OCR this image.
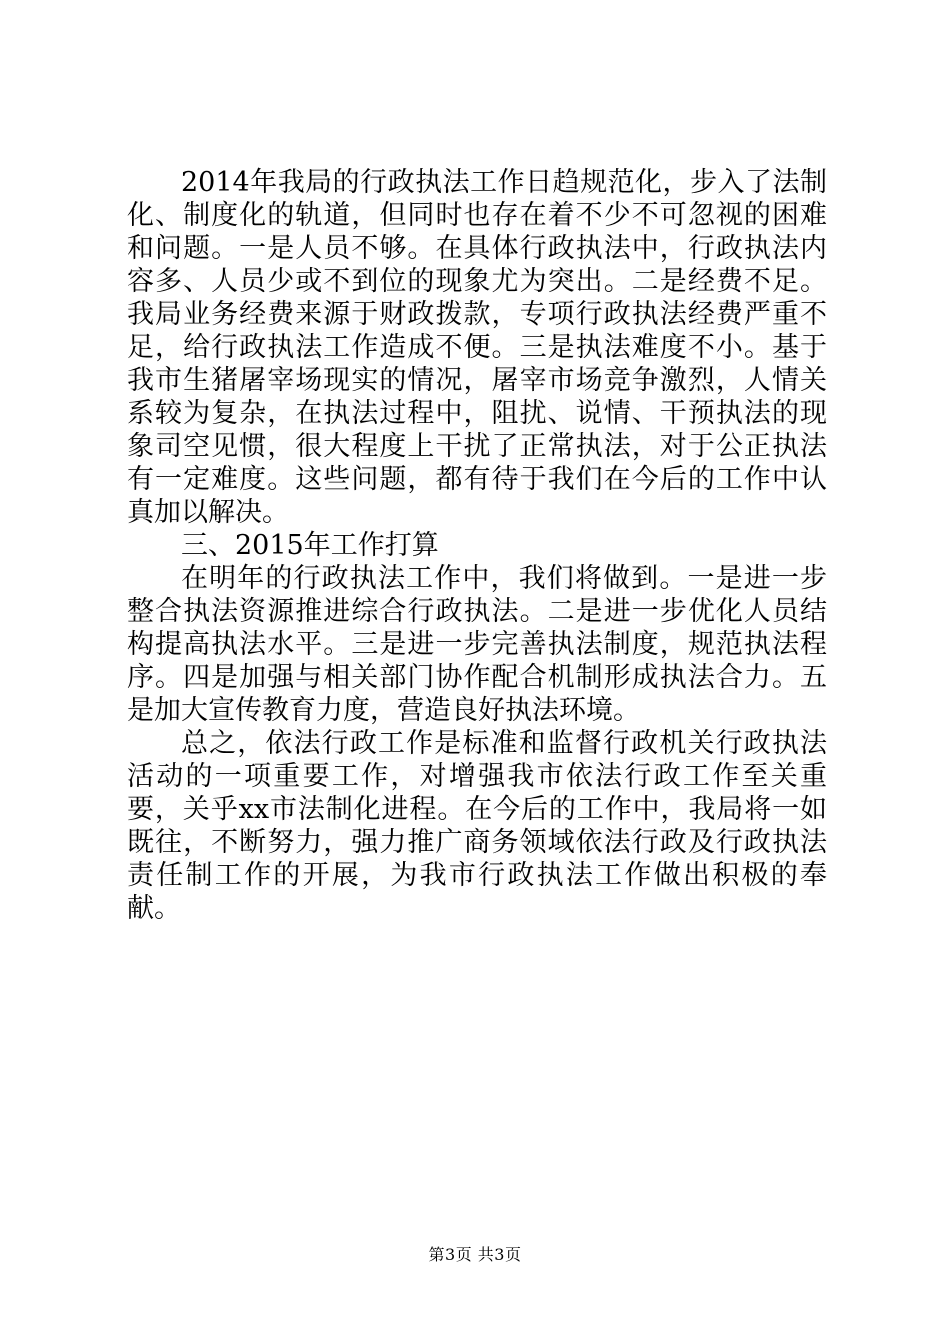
2014年我局的行政执法工作日趋规范化，步入了法制化、制度化的轨道，但同时也存在着不少不可忽视的困难和问题。一是人员不够。在具体行政执法中，行政执法内容多、人员少或不到位的现象尤为突出。二是经费不足。我局业务经费来源于财政拨款，专项行政执法经费严重不足，给行政执法工作造成不便。三是执法难度不小。基于我市生猪屠宰场现实的情况，屠宰市场竞争激烈，人情关系较为复杂，在执法过程中，阻扰、说情、干预执法的现象司空见惯，很大程度上干扰了正常执法，对于公正执法有一定难度。这些问题，都有待于我们在今后的工作中认真加以解决。

三、2015年工作打算

在明年的行政执法工作中，我们将做到。一是进一步整合执法资源推进综合行政执法。二是进一步优化人员结构提高执法水平。三是进一步完善执法制度，规范执法程序。四是加强与相关部门协作配合机制形成执法合力。五是加大宣传教育力度，营造良好执法环境。

总之，依法行政工作是标准和监督行政机关行政执法活动的一项重要工作，对增强我市依法行政工作至关重要，关乎xx市法制化进程。在今后的工作中，我局将一如既往，不断努力，强力推广商务领域依法行政及行政执法责任制工作的开展，为我市行政执法工作做出积极的奉献。

第3页 共3页
